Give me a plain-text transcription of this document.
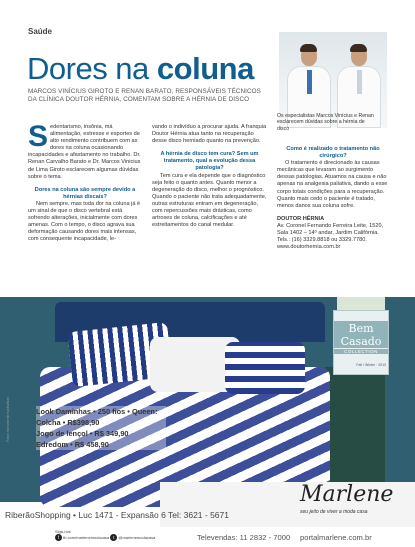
Saúde
Dores na coluna
MARCOS VINÍCIUS GIROTO E RENAN BARATO, RESPONSÁVEIS TÉCNICOS DA CLÍNICA DOUTOR HÉRNIA, COMENTAM SOBRE A HÉRNIA DE DISCO
Os especialistas Marcos Vinícius e Renan esclarecem dúvidas sobre a hérnia de disco
S edentarismo, insônia, má alimentação, estresse e esportes de alto rendimento contribuem com as dores na coluna ocasionando incapacidades e afastamento no trabalho. Dr. Renan Carvalho Barato e Dr. Marcos Vinicius de Lima Giroto esclarecem algumas dúvidas sobre o tema.

Dores na coluna são sempre devido a hérnias discais?

Nem sempre, mas toda dor na coluna já é um sinal de que o disco vertebral está sofrendo alterações, inicialmente com dores amenas. Com o tempo, o disco agrava sua deformação causando dores mais intensas, com consequente incapacidade, le-

vando o indivíduo a procurar ajuda. A franquia Doutor Hérnia atua tanto na recuperação desse disco herniado quanto na prevenção.

A hérnia de disco tem cura? Sem um tratamento, qual a evolução dessa patologia?

Tem cura e ela depende que o diagnóstico seja feito o quanto antes. Quanto menor a degeneração do disco, melhor o prognóstico. Quando o paciente não trata adequadamente, outras estruturas entram em degeneração, com repercussões mais drásticas, como artroses de coluna, calcificações e até estreitamentos do canal medular.

Como é realizado o tratamento não cirúrgico?

O tratamento é direcionado às causas mecânicas que levaram ao surgimento dessas patologias. Atuamos na causa e não apenas na analgesia paliativa, dando a esse corpo totais condições para a recuperação. Quanto mais cedo o paciente é tratado, menos danos sua coluna sofre.

DOUTOR HÉRNIA

Av. Coronel Fernando Ferreira Leite, 1520,

Sala 1402 – 14º andar, Jardim Califórnia.

Tels.: (16) 3329.8818 ou 3329.7780.

www.doutorhernia.com.br

Bem
Casado
COLLECTION
Fall / Winter · 2013
Look Daminhas • 250 fios • Queen:
Colcha • R$398,90
Jogo de lençol • R$ 349,90
Edredom • R$ 458,90
Fotos meramente ilustrativas
RiberãoShopping • Luc 1471 - Expansão 6 Tel: 3621 - 5671
Marlene
seu jeito de viver a moda casa
Siga-nos
f fb.com/marlenemodacasa t @marlenemodacasa	Televendas: 11 2832 - 7000 portalmarlene.com.br
